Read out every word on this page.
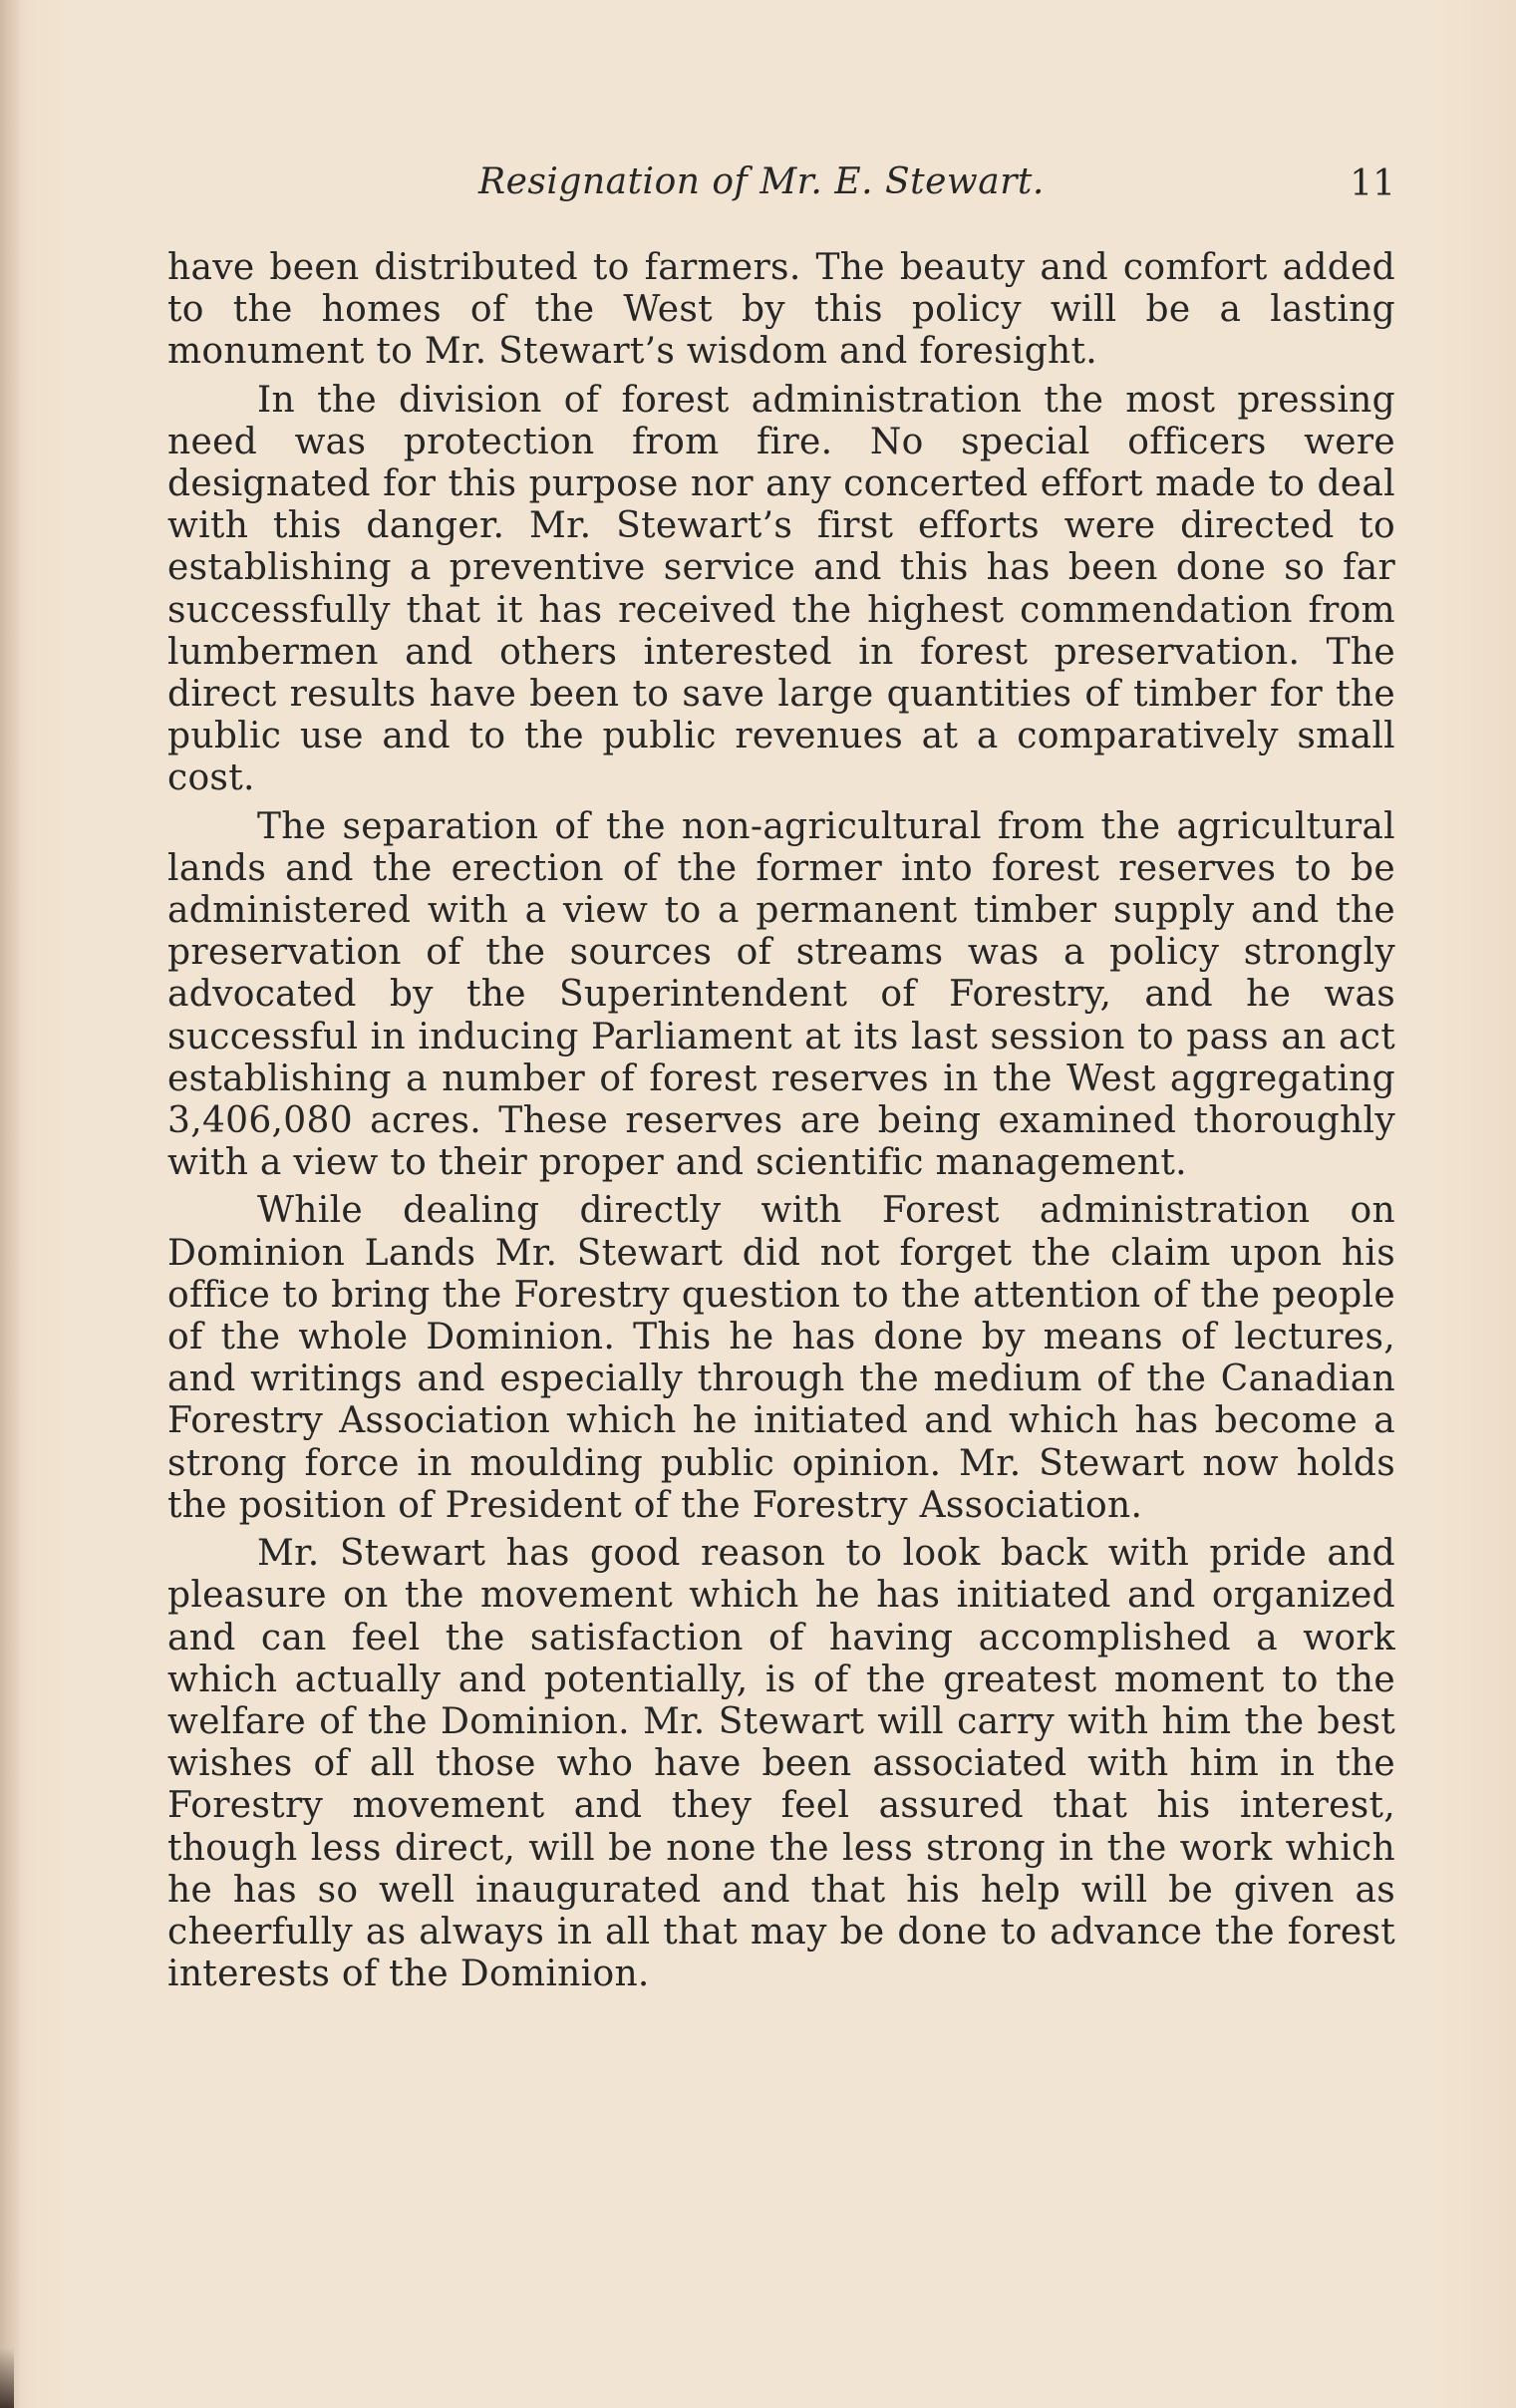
Resignation of Mr. E. Stewart.	11

have been distributed to farmers. The beauty and comfort added to the homes of the West by this policy will be a lasting monument to Mr. Stewart’s wisdom and foresight.

In the division of forest administration the most pressing need was protection from fire. No special officers were designated for this purpose nor any concerted effort made to deal with this danger. Mr. Stewart’s first efforts were directed to establishing a preventive service and this has been done so far successfully that it has received the highest commendation from lumbermen and others interested in forest preservation. The direct results have been to save large quantities of timber for the public use and to the public revenues at a comparatively small cost.

The separation of the non-agricultural from the agricultural lands and the erection of the former into forest reserves to be administered with a view to a permanent timber supply and the preservation of the sources of streams was a policy strongly advocated by the Superintendent of Forestry, and he was successful in inducing Parliament at its last session to pass an act establishing a number of forest reserves in the West aggregating 3,406,080 acres. These reserves are being examined thoroughly with a view to their proper and scientific management.

While dealing directly with Forest administration on Dominion Lands Mr. Stewart did not forget the claim upon his office to bring the Forestry question to the attention of the people of the whole Dominion. This he has done by means of lectures, and writings and especially through the medium of the Canadian Forestry Association which he initiated and which has become a strong force in moulding public opinion. Mr. Stewart now holds the position of President of the Forestry Association.

Mr. Stewart has good reason to look back with pride and pleasure on the movement which he has initiated and organized and can feel the satisfaction of having accomplished a work which actually and potentially, is of the greatest moment to the welfare of the Dominion. Mr. Stewart will carry with him the best wishes of all those who have been associated with him in the Forestry movement and they feel assured that his interest, though less direct, will be none the less strong in the work which he has so well inaugurated and that his help will be given as cheerfully as always in all that may be done to advance the forest interests of the Dominion.
